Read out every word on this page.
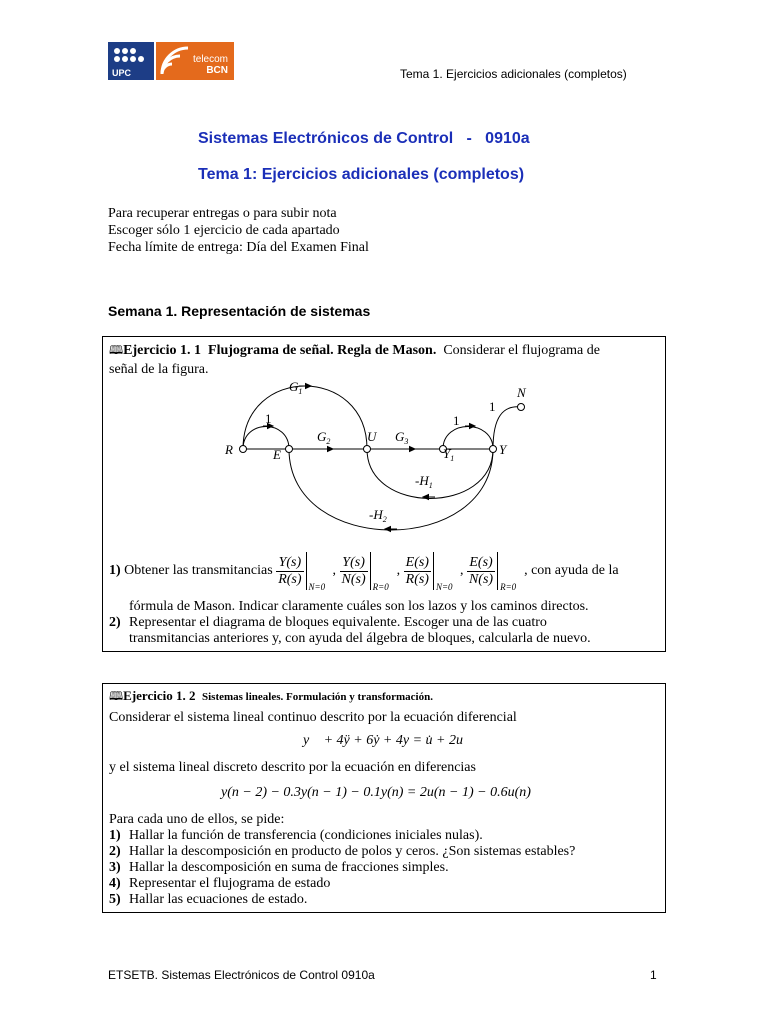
UPC
telecom
BCN	Tema 1. Ejercicios adicionales (completos)
Sistemas Electrónicos de Control   -   0910a
Tema 1: Ejercicios adicionales (completos)
Para recuperar entregas o para subir nota
Escoger sólo 1 ejercicio de cada apartado
Fecha límite de entrega: Día del Examen Final
Semana 1. Representación de sistemas
🕮Ejercicio 1. 1 Flujograma de señal. Regla de Mason. Considerar el flujograma de
señal de la figura.
$G_1$
1
R	E
$G_2$	U $G_3$
$Y_1$
1
1
N
Y
$-H_1$
$-H_2$
1) Obtener las transmitancias $\frac{Y(s)}{R(s)} N=0$
, $\frac{Y(s)}{N(s)} R=0$
, $\frac{E(s)}{R(s)} N=0$
, $\frac{E(s)}{N(s)} R=0$
, con ayuda de la
fórmula de Mason. Indicar claramente cuáles son los lazos y los caminos directos.
2) Representar el diagrama de bloques equivalente. Escoger una de las cuatro
transmitancias anteriores y, con ayuda del álgebra de bloques, calcularla de nuevo.
🕮Ejercicio 1. 2 Sistemas lineales. Formulación y transformación.
Considerar el sistema lineal continuo descrito por la ecuación diferencial
y⃛ + 4ÿ + 6ẏ + 4y = u̇ + 2u
y el sistema lineal discreto descrito por la ecuación en diferencias
y(n − 2) − 0.3y(n − 1) − 0.1y(n) = 2u(n − 1) − 0.6u(n)
Para cada uno de ellos, se pide:
1) Hallar la función de transferencia (condiciones iniciales nulas).
2) Hallar la descomposición en producto de polos y ceros. ¿Son sistemas estables?
3) Hallar la descomposición en suma de fracciones simples.
4) Representar el flujograma de estado
5) Hallar las ecuaciones de estado.
ETSETB. Sistemas Electrónicos de Control 0910a	1
